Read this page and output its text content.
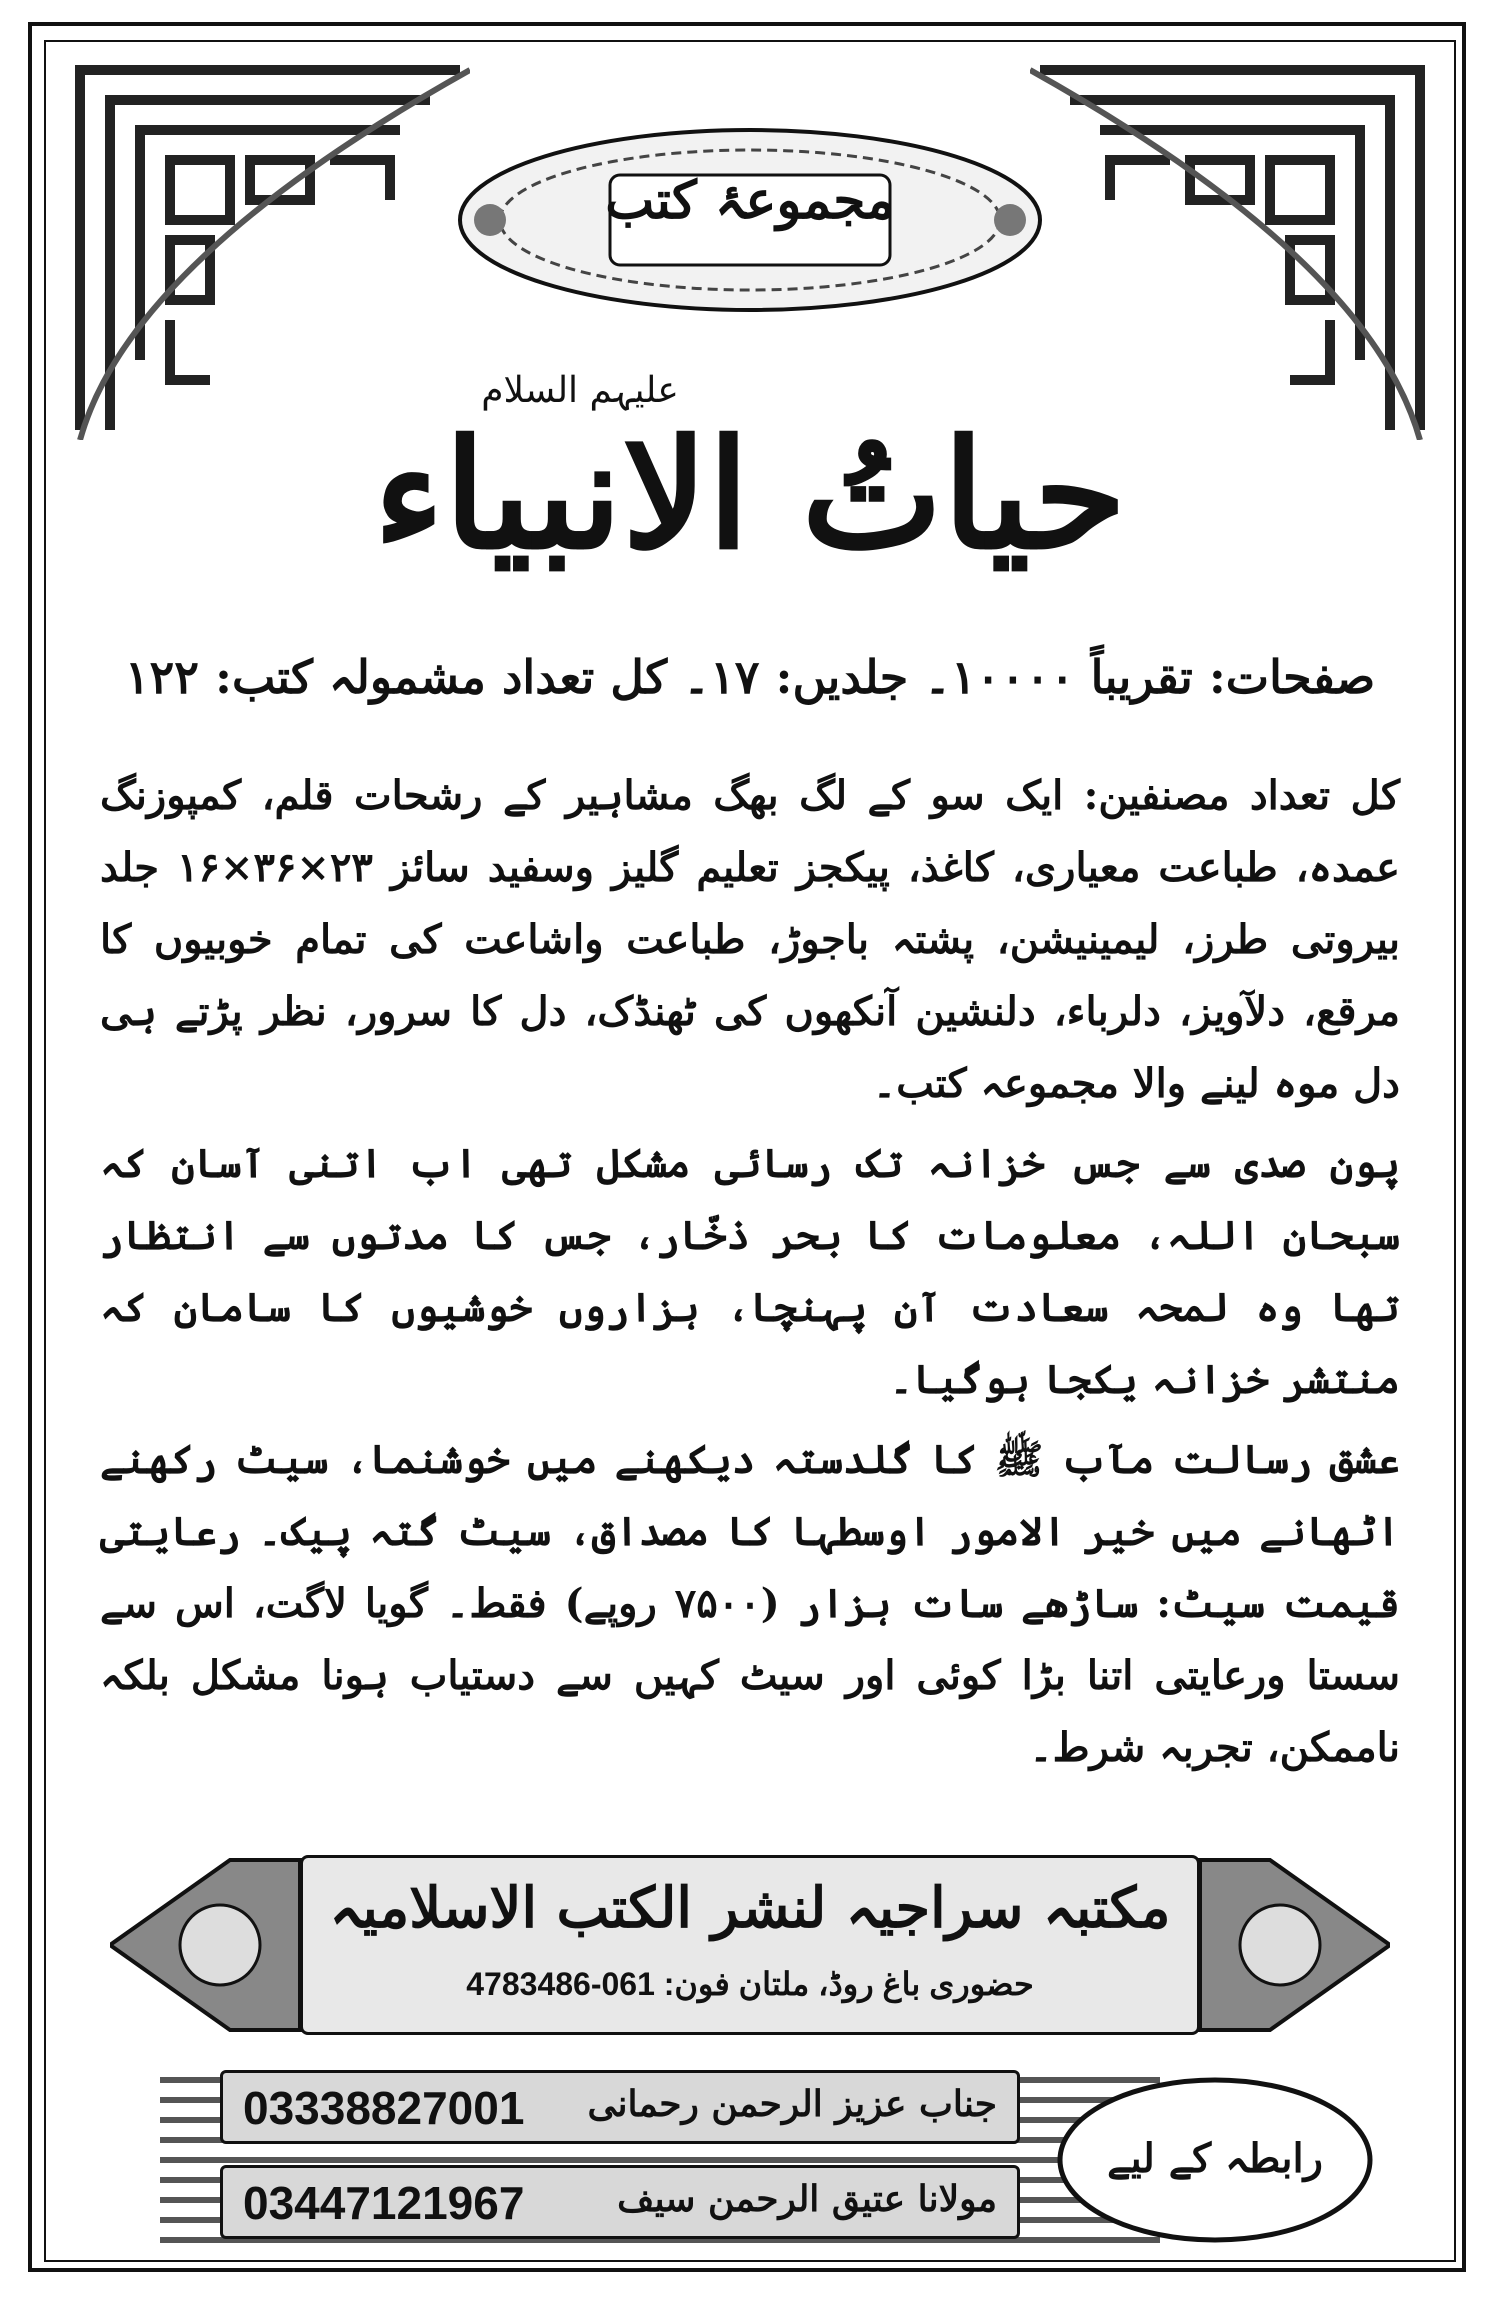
مجموعۂ کتب
علیہم السلام
حیاتُ الانبیاء
صفحات: تقریباً ۱۰۰۰۰۔ جلدیں: ۱۷۔ کل تعداد مشمولہ کتب: ۱۲۲

کل تعداد مصنفین: ایک سو کے لگ بھگ مشاہیر کے رشحات قلم، کمپوزنگ عمدہ، طباعت معیاری، کاغذ، پیکجز تعلیم گلیز وسفید سائز ۲۳×۳۶×۱۶ جلد بیروتی طرز، لیمینیشن، پشتہ باجوڑ، طباعت واشاعت کی تمام خوبیوں کا مرقع، دلآویز، دلرباء، دلنشین آنکھوں کی ٹھنڈک، دل کا سرور، نظر پڑتے ہی دل موہ لینے والا مجموعہ کتب۔

پون صدی سے جس خزانہ تک رسائی مشکل تھی اب اتنی آسان کہ سبحان اللہ، معلومات کا بحر ذخّار، جس کا مدتوں سے انتظار تھا وہ لمحہ سعادت آن پہنچا، ہزاروں خوشیوں کا سامان کہ منتشر خزانہ یکجا ہوگیا۔

عشق رسالت مآب ﷺ کا گلدستہ دیکھنے میں خوشنما، سیٹ رکھنے اٹھانے میں خیر الامور اوسطہا کا مصداق، سیٹ گتہ پیک۔ رعایتی قیمت سیٹ: ساڑھے سات ہزار (۷۵۰۰ روپے) فقط۔ گویا لاگت، اس سے سستا ورعایتی اتنا بڑا کوئی اور سیٹ کہیں سے دستیاب ہونا مشکل بلکہ ناممکن، تجربہ شرط۔

مکتبہ سراجیہ لنشر الکتب الاسلامیہ
حضوری باغ روڈ، ملتان فون: 061-4783486
03338827001 جناب عزیز الرحمن رحمانی
03447121967	مولانا عتیق الرحمن سیف
رابطہ کے لیے
